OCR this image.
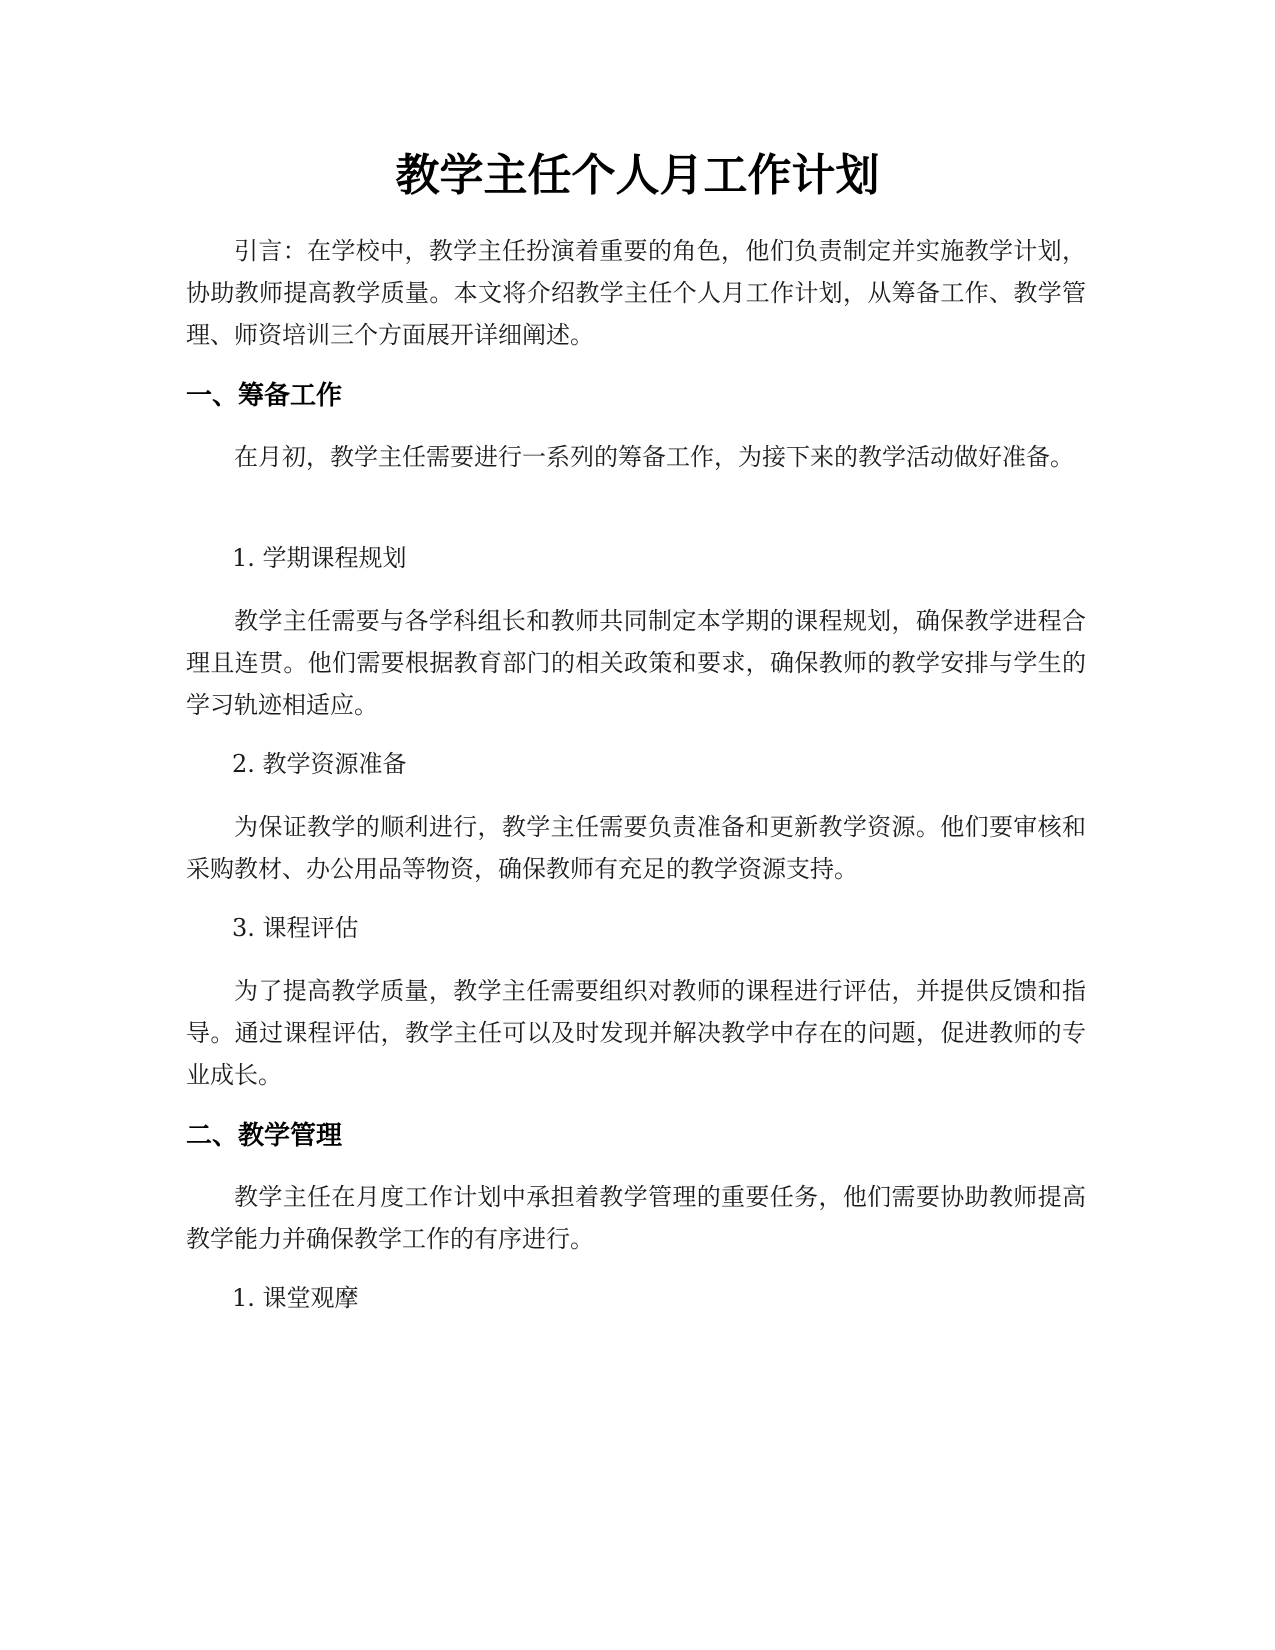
教学主任个人月工作计划

引言：在学校中，教学主任扮演着重要的角色，他们负责制定并实施教学计划，协助教师提高教学质量。本文将介绍教学主任个人月工作计划，从筹备工作、教学管理、师资培训三个方面展开详细阐述。

一、筹备工作

在月初，教学主任需要进行一系列的筹备工作，为接下来的教学活动做好准备。

1. 学期课程规划

教学主任需要与各学科组长和教师共同制定本学期的课程规划，确保教学进程合理且连贯。他们需要根据教育部门的相关政策和要求，确保教师的教学安排与学生的学习轨迹相适应。

2. 教学资源准备

为保证教学的顺利进行，教学主任需要负责准备和更新教学资源。他们要审核和采购教材、办公用品等物资，确保教师有充足的教学资源支持。

3. 课程评估

为了提高教学质量，教学主任需要组织对教师的课程进行评估，并提供反馈和指导。通过课程评估，教学主任可以及时发现并解决教学中存在的问题，促进教师的专业成长。

二、教学管理

教学主任在月度工作计划中承担着教学管理的重要任务，他们需要协助教师提高教学能力并确保教学工作的有序进行。

1. 课堂观摩
